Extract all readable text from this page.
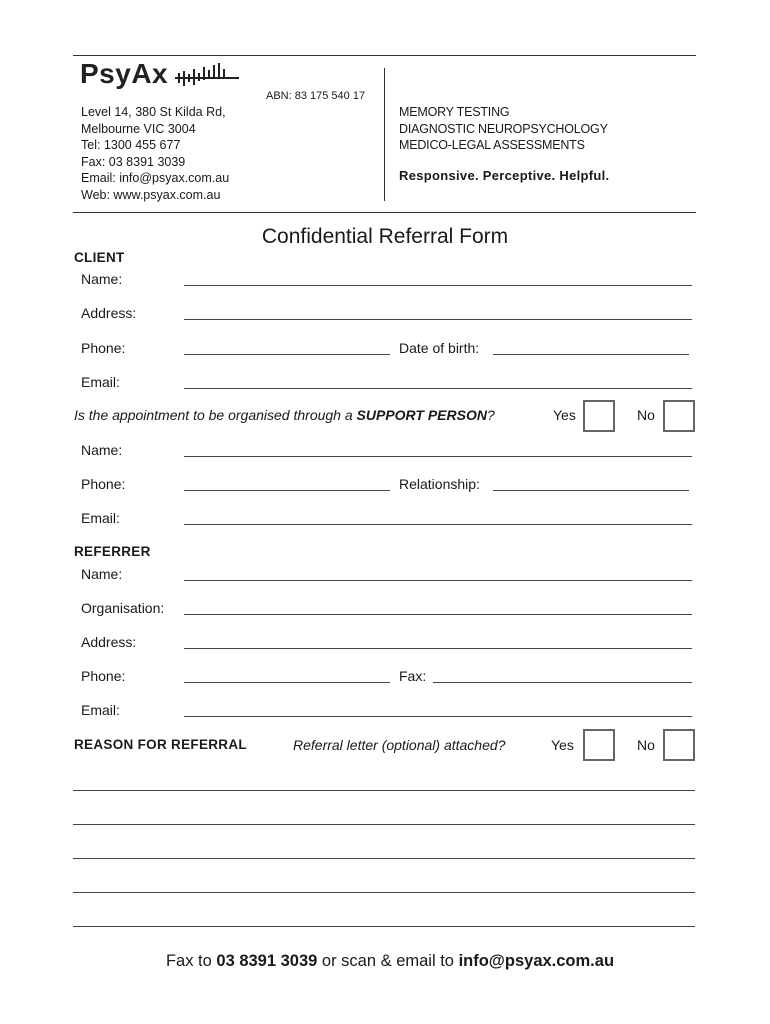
PsyAx
ABN: 83 175 540 17
Level 14, 380 St Kilda Rd,
Melbourne VIC 3004
Tel: 1300 455 677
Fax: 03 8391 3039
Email: info@psyax.com.au
Web: www.psyax.com.au
MEMORY TESTING
DIAGNOSTIC NEUROPSYCHOLOGY
MEDICO-LEGAL ASSESSMENTS
Responsive. Perceptive. Helpful.
Confidential Referral Form
CLIENT
Name:
Address:
Phone:	Date of birth:
Email:
Is the appointment to be organised through a SUPPORT PERSON?	Yes	No
Name:
Phone:	Relationship:
Email:
REFERRER
Name:
Organisation:
Address:
Phone:	Fax:
Email:
REASON FOR REFERRAL	Referral letter (optional) attached?	Yes	No
Fax to 03 8391 3039 or scan & email to info@psyax.com.au
